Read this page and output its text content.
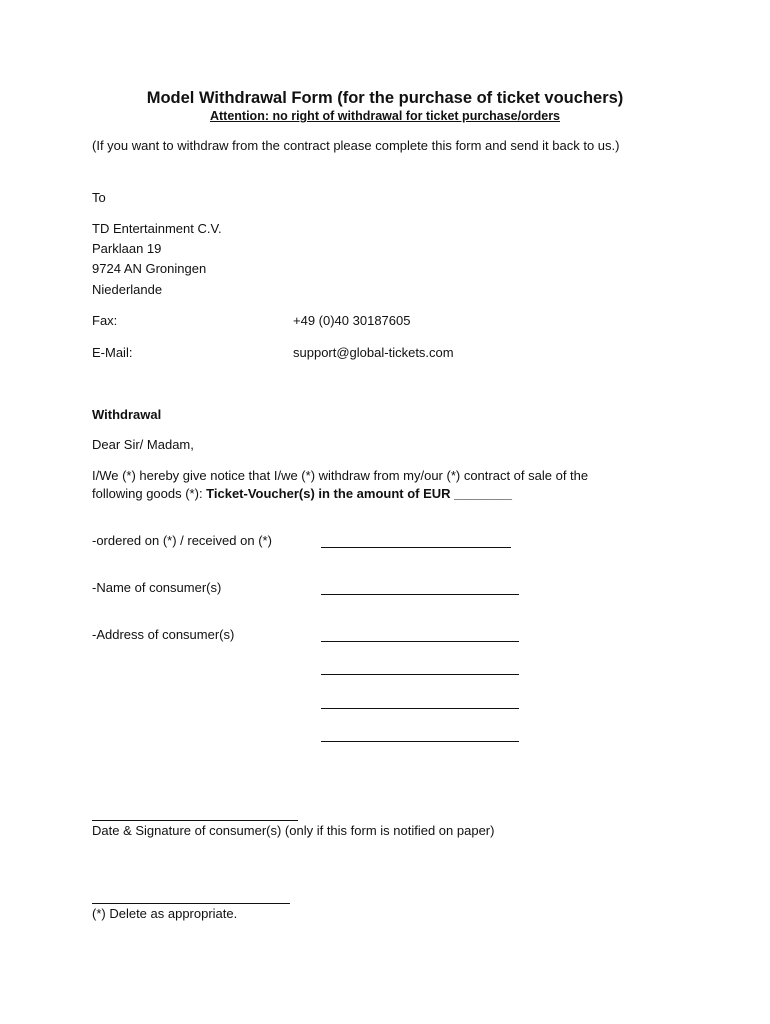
Model Withdrawal Form (for the purchase of ticket vouchers)

Attention: no right of withdrawal for ticket purchase/orders

(If you want to withdraw from the contract please complete this form and send it back to us.)

To

TD Entertainment C.V.

Parklaan 19

9724 AN Groningen

Niederlande

Fax:	+49 (0)40 30187605

E-Mail:	support@global-tickets.com

Withdrawal

Dear Sir/ Madam,

I/We (*) hereby give notice that I/we (*) withdraw from my/our (*) contract of sale of the

following goods (*): Ticket-Voucher(s) in the amount of EUR ________

-ordered on (*) / received on (*)

-Name of consumer(s)

-Address of consumer(s)

Date & Signature of consumer(s) (only if this form is notified on paper)

(*) Delete as appropriate.
